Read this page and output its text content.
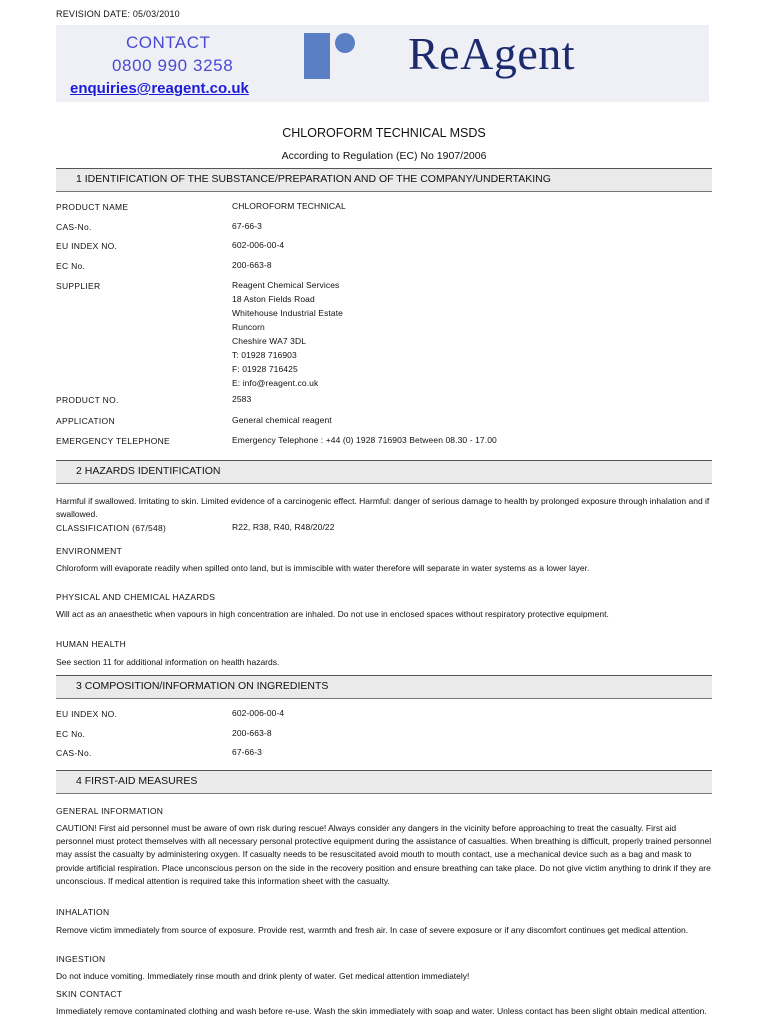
REVISION DATE: 05/03/2010
CONTACT
0800 990 3258
enquiries@reagent.co.uk
ReAgent
CHLOROFORM TECHNICAL MSDS
According to Regulation (EC) No 1907/2006
1 IDENTIFICATION OF THE SUBSTANCE/PREPARATION AND OF THE COMPANY/UNDERTAKING
PRODUCT NAME	CHLOROFORM TECHNICAL
CAS-No.	67-66-3
EU INDEX NO.	602-006-00-4
EC No.	200-663-8
SUPPLIER	Reagent Chemical Services
18 Aston Fields Road
Whitehouse Industrial Estate
Runcorn
Cheshire WA7 3DL
T: 01928 716903
F: 01928 716425
E: info@reagent.co.uk
PRODUCT NO.	2583
APPLICATION	General chemical reagent
EMERGENCY TELEPHONE	Emergency Telephone : +44 (0) 1928 716903 Between 08.30 - 17.00
2 HAZARDS IDENTIFICATION
Harmful if swallowed. Irritating to skin. Limited evidence of a carcinogenic effect. Harmful: danger of serious damage to health by prolonged exposure through inhalation and if swallowed.
CLASSIFICATION (67/548)	R22, R38, R40, R48/20/22
ENVIRONMENT
Chloroform will evaporate readily when spilled onto land, but is immiscible with water therefore will separate in water systems as a lower layer.
PHYSICAL AND CHEMICAL HAZARDS
Will act as an anaesthetic when vapours in high concentration are inhaled. Do not use in enclosed spaces without respiratory protective equipment.
HUMAN HEALTH
See section 11 for additional information on health hazards.
3 COMPOSITION/INFORMATION ON INGREDIENTS
EU INDEX NO.	602-006-00-4
EC No.	200-663-8
CAS-No.	67-66-3
4 FIRST-AID MEASURES
GENERAL INFORMATION
CAUTION! First aid personnel must be aware of own risk during rescue! Always consider any dangers in the vicinity before approaching to treat the casualty. First aid personnel must protect themselves with all necessary personal protective equipment during the assistance of casualties. When breathing is difficult, properly trained personnel may assist the casualty by administering oxygen. If casualty needs to be resuscitated avoid mouth to mouth contact, use a mechanical device such as a bag and mask to provide artificial respiration. Place unconscious person on the side in the recovery position and ensure breathing can take place. Do not give victim anything to drink if they are unconscious. If medical attention is required take this information sheet with the casualty.
INHALATION
Remove victim immediately from source of exposure. Provide rest, warmth and fresh air. In case of severe exposure or if any discomfort continues get medical attention.
INGESTION
Do not induce vomiting. Immediately rinse mouth and drink plenty of water. Get medical attention immediately!
SKIN CONTACT
Immediately remove contaminated clothing and wash before re-use. Wash the skin immediately with soap and water. Unless contact has been slight obtain medical attention.
